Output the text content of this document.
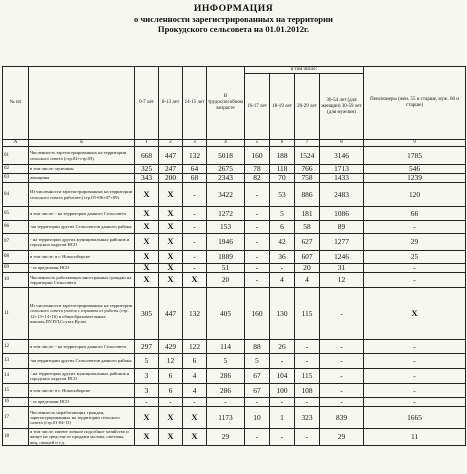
ИНФОРМАЦИЯ
о численности зарегистрированных на территории
Прокудского сельсовета на 01.01.2012г.
№ пп		0-7 лет	8-13 лет	14-15 лет	В трудоспособном возрасте	в том числе:				Пенсионеры (жен. 55 и старше, муж. 60 и старше)
						16-17 лет	18-19 лет	20-29 лет	30-54 лет (для женщин) 30-59 лет (для мужчин)	
А	Б	1	2	3	4	5	6	7	8	9
01	Численность зарегистрированных на территории сельского совета (стр.02+стр.03)	668	447	132	5018	160	188	1524	3146	1785
02	в том числе: мужчины	325	247	64	2675	78	118	766	1713	546
03	женщины	343	200	68	2343	82	70	758	1433	1239
04	Из численности зарегистрированных на территории сельского совета работает:(стр.05+06+07+09)	X	X	-	3422	-	53	886	2483	120
05	в том числе: - на территории данного Сельсовета	X	X	-	1272	-	5	181	1086	66
06	-на территории других Сельсоветов данного района	X	X	-	153	-	6	58	89	-
07	- на территории других муниципальных районов и городских округов НСО	X	X	-	1946	-	42	627	1277	29
08	в том числе: в г. Новосибирске	X	X	-	1889	-	36	607	1246	25
09	- за пределами НСО	X	X	-	51	-	-	20	31	-
10	Численность работающих иностранных граждан на территории Сельсовета	X	X	X	20	-	4	4	12	-
11	Из численности зарегистрированных на территории сельского совета учатся с отрывом от работы (стр. 12+13+14+16) в общеобразовательных школах,ПУ,ПЛ,Ссузах,Вузах	305	447	132	405	160	130	115	-	X
12	в том числе: - на территории данного Сельсовета	297	429	122	114	88	26	-	-	-
13	-на территории других Сельсоветов данного района	5	12	6	5	5	-	-	-	-
14	- на территории других муниципальных районов и городских округов НСО	3	6	4	286	67	104	115	-	-
15	в том числе: в г. Новосибирске	3	6	4	286	67	100	108	-	-
16	- за пределами НСО	-	-	-	-	-	-	-	-	-
17	Численность неработающих граждан, зарегистрированных на территории сельского совета (стр.01-04-11)	X	X	X	1173	10	1	323	839	1665
18	в том числе: имеют личное подсобное хозяйство и живут на средства от продажи молока, сметаны, яиц, овощей и т.д.	X	X	X	29	-	-	-	29	11
